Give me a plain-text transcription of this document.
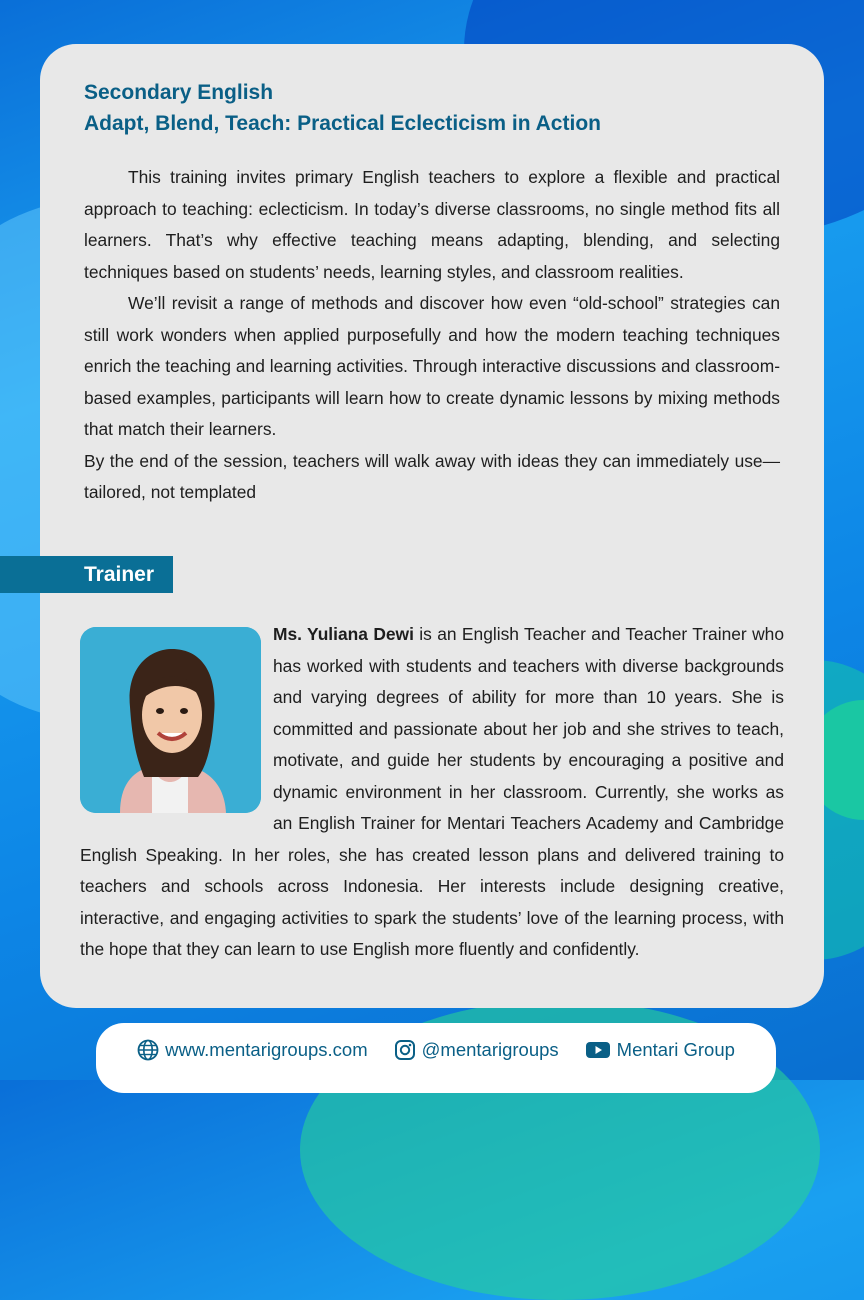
Secondary English
Adapt, Blend, Teach: Practical Eclecticism in Action

This training invites primary English teachers to explore a flexible and practical approach to teaching: eclecticism. In today’s diverse classrooms, no single method fits all learners. That’s why effective teaching means adapting, blending, and selecting techniques based on students’ needs, learning styles, and classroom realities.

We’ll revisit a range of methods and discover how even “old-school” strategies can still work wonders when applied purposefully and how the modern teaching techniques enrich the teaching and learning activities. Through interactive discussions and classroom-based examples, participants will learn how to create dynamic lessons by mixing methods that match their learners.

By the end of the session, teachers will walk away with ideas they can immediately use—tailored, not templated

Trainer

Ms. Yuliana Dewi is an English Teacher and Teacher Trainer who has worked with students and teachers with diverse backgrounds and varying degrees of ability for more than 10 years. She is committed and passionate about her job and she strives to teach, motivate, and guide her students by encouraging a positive and dynamic environment in her classroom. Currently, she works as an English Trainer for Mentari Teachers Academy and Cambridge English Speaking. In her roles, she has created lesson plans and delivered training to teachers and schools across Indonesia. Her interests include designing creative, interactive, and engaging activities to spark the students’ love of the learning process, with the hope that they can learn to use English more fluently and confidently.

www.mentarigroups.com	@mentarigroups	Mentari Group
